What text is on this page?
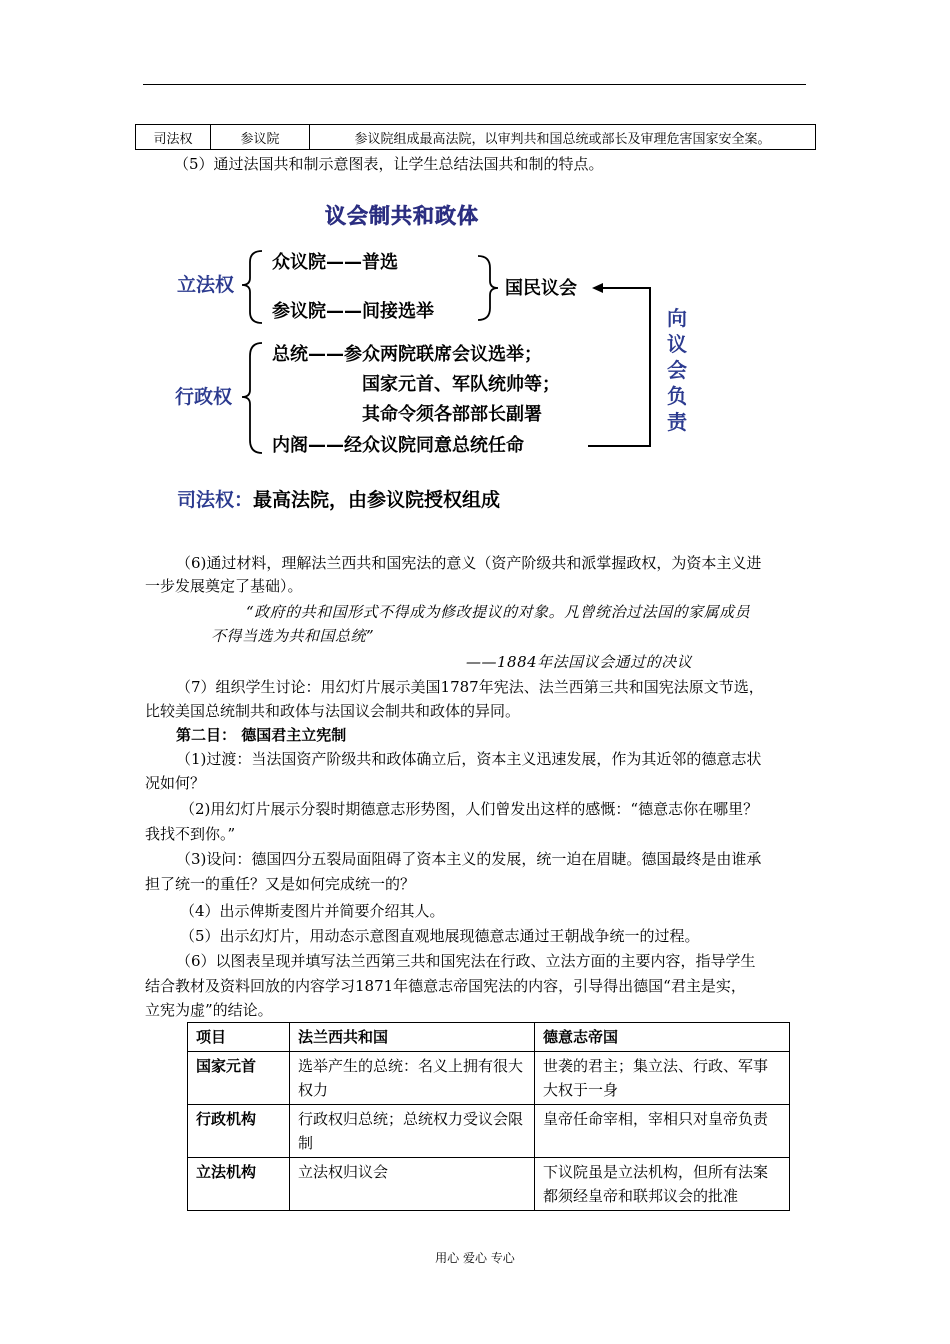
司法权	参议院	参议院组成最高法院，以审判共和国总统或部长及审理危害国家安全案。
（5）通过法国共和制示意图表，让学生总结法国共和制的特点。
议会制共和政体
立法权
众议院——普选
参议院——间接选举
国民议会
行政权
总统——参众两院联席会议选举；
国家元首、军队统帅等；
其命令须各部部长副署
内阁——经众议院同意总统任命
向
议
会
负
责
司法权：最高法院，由参议院授权组成
（6)通过材料，理解法兰西共和国宪法的意义（资产阶级共和派掌握政权，为资本主义进
一步发展奠定了基础）。
“政府的共和国形式不得成为修改提议的对象。凡曾统治过法国的家属成员
不得当选为共和国总统”
——1884年法国议会通过的决议
（7）组织学生讨论：用幻灯片展示美国1787年宪法、法兰西第三共和国宪法原文节选，
比较美国总统制共和政体与法国议会制共和政体的异同。
第二目： 德国君主立宪制
（1)过渡：当法国资产阶级共和政体确立后，资本主义迅速发展，作为其近邻的德意志状
况如何？
（2)用幻灯片展示分裂时期德意志形势图，人们曾发出这样的感慨：“德意志你在哪里？
我找不到你。”
（3)设问：德国四分五裂局面阻碍了资本主义的发展，统一迫在眉睫。德国最终是由谁承
担了统一的重任？又是如何完成统一的？
（4）出示俾斯麦图片并简要介绍其人。
（5）出示幻灯片，用动态示意图直观地展现德意志通过王朝战争统一的过程。
（6）以图表呈现并填写法兰西第三共和国宪法在行政、立法方面的主要内容，指导学生
结合教材及资料回放的内容学习1871年德意志帝国宪法的内容，引导得出德国“君主是实，
立宪为虚”的结论。
项目	法兰西共和国	德意志帝国
国家元首	选举产生的总统：名义上拥有很大权力	世袭的君主；集立法、行政、军事大权于一身
行政机构	行政权归总统；总统权力受议会限制	皇帝任命宰相，宰相只对皇帝负责
立法机构	立法权归议会	下议院虽是立法机构，但所有法案都须经皇帝和联邦议会的批准
用心 爱心 专心
